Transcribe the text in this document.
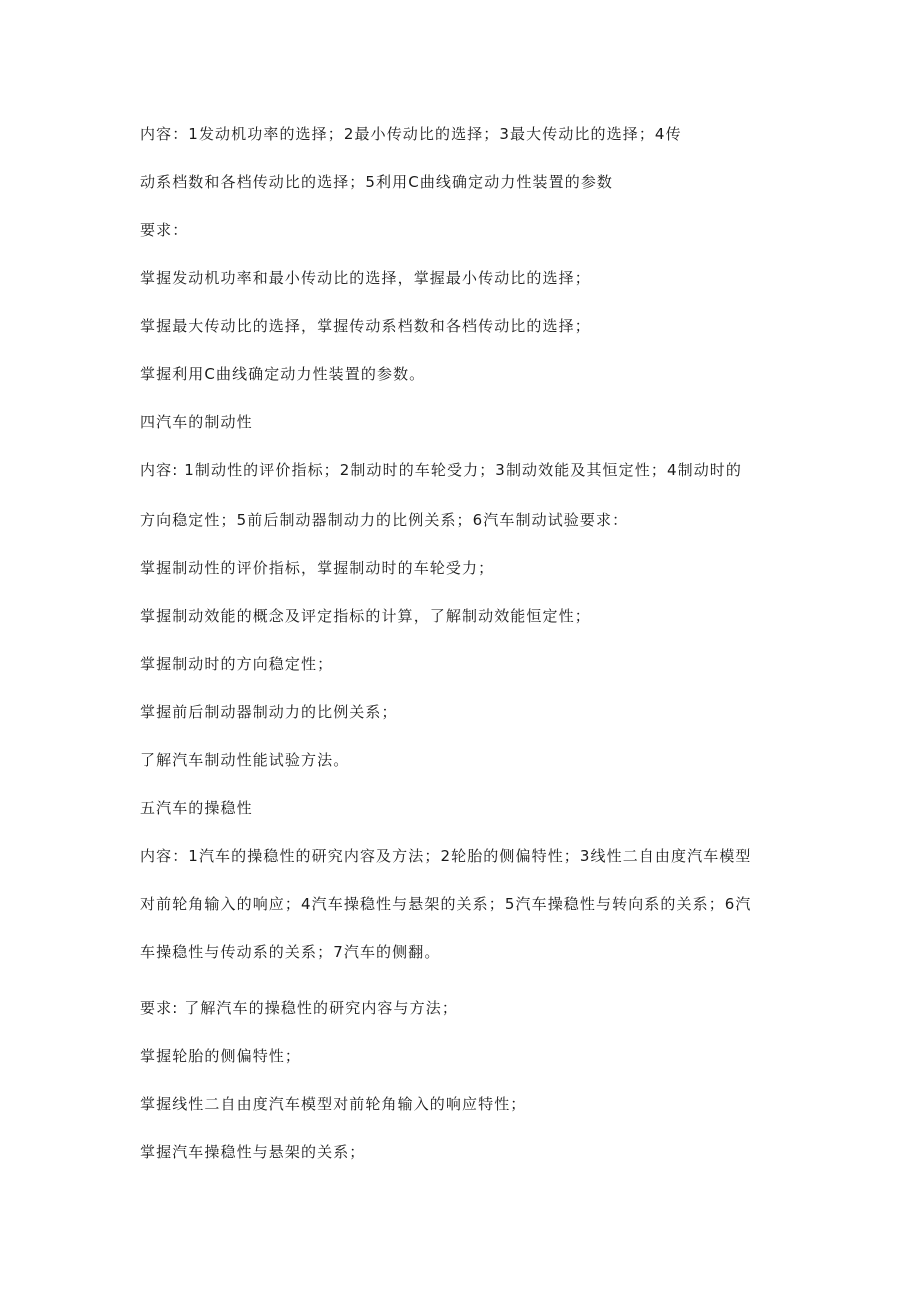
内容：1发动机功率的选择；2最小传动比的选择；3最大传动比的选择；4传
动系档数和各档传动比的选择；5利用C曲线确定动力性装置的参数
要求：
掌握发动机功率和最小传动比的选择，掌握最小传动比的选择；
掌握最大传动比的选择，掌握传动系档数和各档传动比的选择；
掌握利用C曲线确定动力性装置的参数。
四汽车的制动性
内容: 1制动性的评价指标；2制动时的车轮受力；3制动效能及其恒定性；4制动时的
方向稳定性；5前后制动器制动力的比例关系；6汽车制动试验要求：
掌握制动性的评价指标，掌握制动时的车轮受力；
掌握制动效能的概念及评定指标的计算，了解制动效能恒定性；
掌握制动时的方向稳定性；
掌握前后制动器制动力的比例关系；
了解汽车制动性能试验方法。
五汽车的操稳性
内容：1汽车的操稳性的研究内容及方法；2轮胎的侧偏特性；3线性二自由度汽车模型
对前轮角输入的响应；4汽车操稳性与悬架的关系；5汽车操稳性与转向系的关系；6汽
车操稳性与传动系的关系；7汽车的侧翻。
要求: 了解汽车的操稳性的研究内容与方法；
掌握轮胎的侧偏特性；
掌握线性二自由度汽车模型对前轮角输入的响应特性；
掌握汽车操稳性与悬架的关系；
